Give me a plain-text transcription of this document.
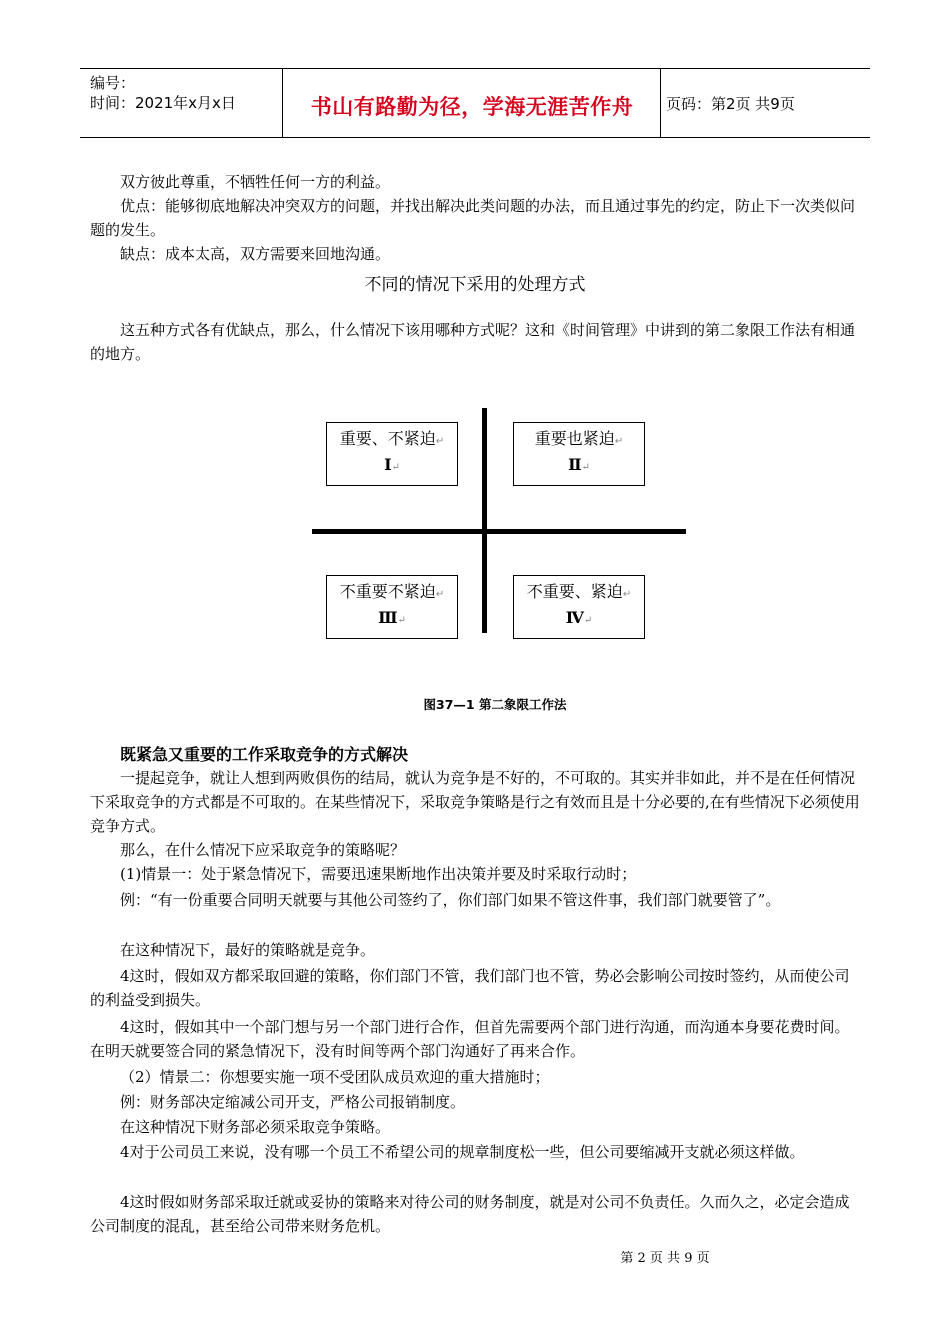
编号：
时间：2021年x月x日	书山有路勤为径，学海无涯苦作舟	页码：第2页 共9页
双方彼此尊重，不牺牲任何一方的利益。
优点：能够彻底地解决冲突双方的问题，并找出解决此类问题的办法，而且通过事先的约定，防止下一次类似问题的发生。
缺点：成本太高，双方需要来回地沟通。
不同的情况下采用的处理方式
这五种方式各有优缺点，那么，什么情况下该用哪种方式呢？这和《时间管理》中讲到的第二象限工作法有相通的地方。
重要、不紧迫↵
Ⅰ↵
重要也紧迫↵
Ⅱ↵
不重要不紧迫↵
Ⅲ↵
不重要、紧迫↵
Ⅳ↵
图37—1 第二象限工作法
既紧急又重要的工作采取竞争的方式解决
一提起竞争，就让人想到两败俱伤的结局，就认为竞争是不好的，不可取的。其实并非如此，并不是在任何情况下采取竞争的方式都是不可取的。在某些情况下，采取竞争策略是行之有效而且是十分必要的,在有些情况下必须使用竞争方式。
那么，在什么情况下应采取竞争的策略呢？
(1)情景一：处于紧急情况下，需要迅速果断地作出决策并要及时采取行动时；
例：“有一份重要合同明天就要与其他公司签约了，你们部门如果不管这件事，我们部门就要管了”。
在这种情况下，最好的策略就是竞争。
4这时，假如双方都采取回避的策略，你们部门不管，我们部门也不管，势必会影响公司按时签约，从而使公司的利益受到损失。
4这时，假如其中一个部门想与另一个部门进行合作，但首先需要两个部门进行沟通，而沟通本身要花费时间。在明天就要签合同的紧急情况下，没有时间等两个部门沟通好了再来合作。
（2）情景二：你想要实施一项不受团队成员欢迎的重大措施时；
例：财务部决定缩减公司开支，严格公司报销制度。
在这种情况下财务部必须采取竞争策略。
4对于公司员工来说，没有哪一个员工不希望公司的规章制度松一些，但公司要缩减开支就必须这样做。
4这时假如财务部采取迁就或妥协的策略来对待公司的财务制度，就是对公司不负责任。久而久之，必定会造成公司制度的混乱，甚至给公司带来财务危机。
第 2 页 共 9 页
